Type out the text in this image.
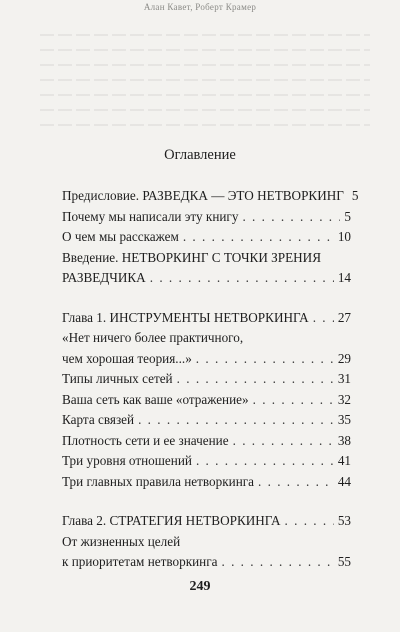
Алан Кавет, Роберт Крамер
Оглавление
Предисловие. РАЗВЕДКА — ЭТО НЕТВОРКИНГ 5
Почему мы написали эту книгу . . .	5
О чем мы расскажем . . .	10
Введение. НЕТВОРКИНГ С ТОЧКИ ЗРЕНИЯ
РАЗВЕДЧИКА . . .	14
Глава 1. ИНСТРУМЕНТЫ НЕТВОРКИНГА . . . 27
«Нет ничего более практичного,
чем хорошая теория...» . . .	29
Типы личных сетей . . .	31
Ваша сеть как ваше «отражение» . . .	32
Карта связей . . .	35
Плотность сети и ее значение . . .	38
Три уровня отношений . . .	41
Три главных правила нетворкинга . . .	44
Глава 2. СТРАТЕГИЯ НЕТВОРКИНГА . . .	53
От жизненных целей
к приоритетам нетворкинга . . .	55
249
